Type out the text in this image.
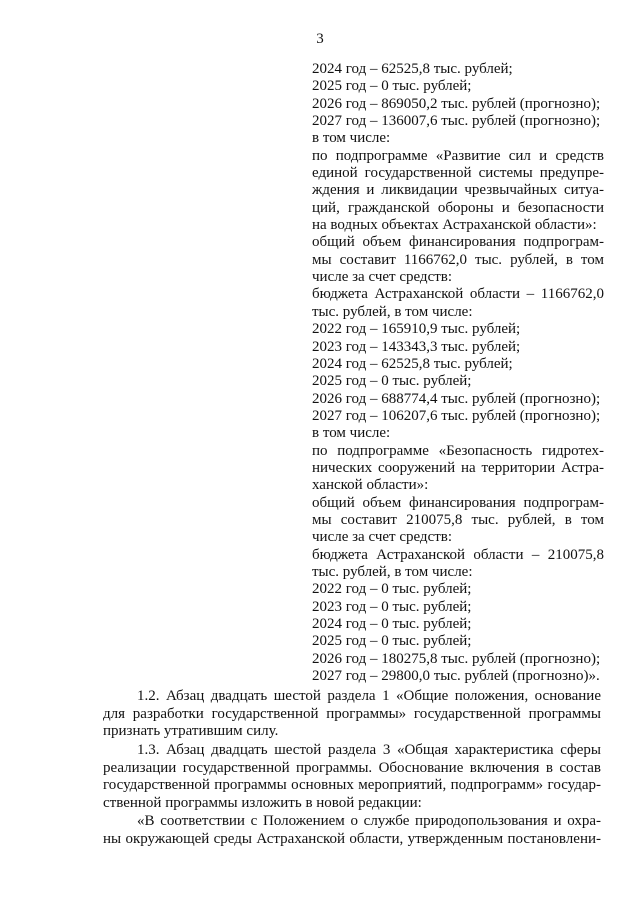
3
2024 год – 62525,8 тыс. рублей;
2025 год – 0 тыс. рублей;
2026 год – 869050,2 тыс. рублей (прогнозно);
2027 год – 136007,6 тыс. рублей (прогнозно);
в том числе:
по подпрограмме «Развитие сил и средств
единой государственной системы предупре-
ждения и ликвидации чрезвычайных ситуа-
ций, гражданской обороны и безопасности
на водных объектах Астраханской области»:
общий объем финансирования подпрограм-
мы составит 1166762,0 тыс. рублей, в том
числе за счет средств:
бюджета Астраханской области – 1166762,0
тыс. рублей, в том числе:
2022 год – 165910,9 тыс. рублей;
2023 год – 143343,3 тыс. рублей;
2024 год – 62525,8 тыс. рублей;
2025 год – 0 тыс. рублей;
2026 год – 688774,4 тыс. рублей (прогнозно);
2027 год – 106207,6 тыс. рублей (прогнозно);
в том числе:
по подпрограмме «Безопасность гидротех-
нических сооружений на территории Астра-
ханской области»:
общий объем финансирования подпрограм-
мы составит 210075,8 тыс. рублей, в том
числе за счет средств:
бюджета Астраханской области – 210075,8
тыс. рублей, в том числе:
2022 год – 0 тыс. рублей;
2023 год – 0 тыс. рублей;
2024 год – 0 тыс. рублей;
2025 год – 0 тыс. рублей;
2026 год – 180275,8 тыс. рублей (прогнозно);
2027 год – 29800,0 тыс. рублей (прогнозно)».
1.2. Абзац двадцать шестой раздела 1 «Общие положения, основание
для разработки государственной программы» государственной программы
признать утратившим силу.
1.3. Абзац двадцать шестой раздела 3 «Общая характеристика сферы
реализации государственной программы. Обоснование включения в состав
государственной программы основных мероприятий, подпрограмм» государ-
ственной программы изложить в новой редакции:
«В соответствии с Положением о службе природопользования и охра-
ны окружающей среды Астраханской области, утвержденным постановлени-
